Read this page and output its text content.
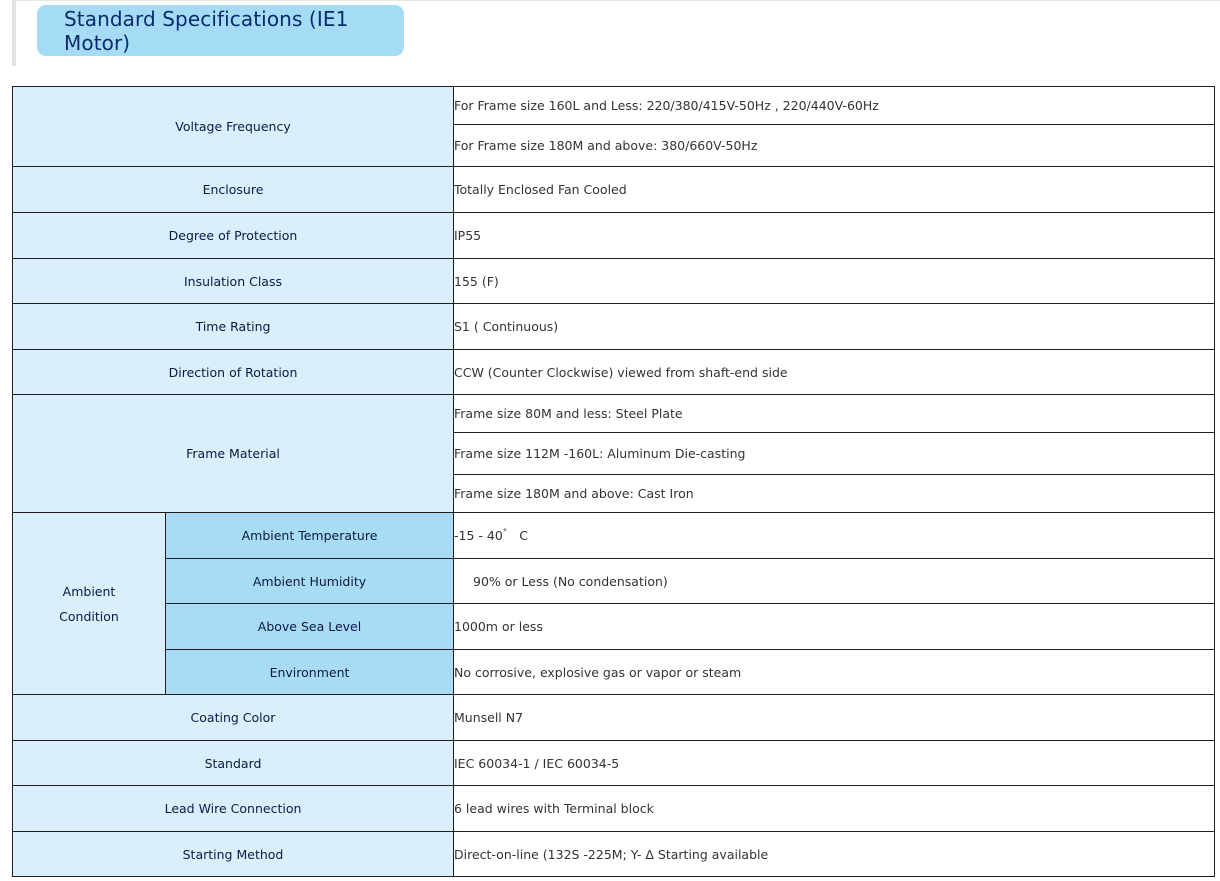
Standard Specifications (IE1 Motor)
Voltage Frequency		For Frame size 160L and Less: 220/380/415V-50Hz , 220/440V-60Hz
		For Frame size 180M and above: 380/660V-50Hz
Enclosure		Totally Enclosed Fan Cooled
Degree of Protection		IP55
Insulation Class		155 (F)
Time Rating		S1 ( Continuous)
Direction of Rotation		CCW (Counter Clockwise) viewed from shaft-end side
Frame Material		Frame size 80M and less: Steel Plate
		Frame size 112M -160L: Aluminum Die-casting
		Frame size 180M and above: Cast Iron
Ambient
Condition	Ambient Temperature	-15 - 40° C
	Ambient Humidity	90% or Less (No condensation)
	Above Sea Level	1000m or less
	Environment	No corrosive, explosive gas or vapor or steam
Coating Color		Munsell N7
Standard		IEC 60034-1 / IEC 60034-5
Lead Wire Connection		6 lead wires with Terminal block
Starting Method		Direct-on-line (132S -225M; Y- Δ Starting available
